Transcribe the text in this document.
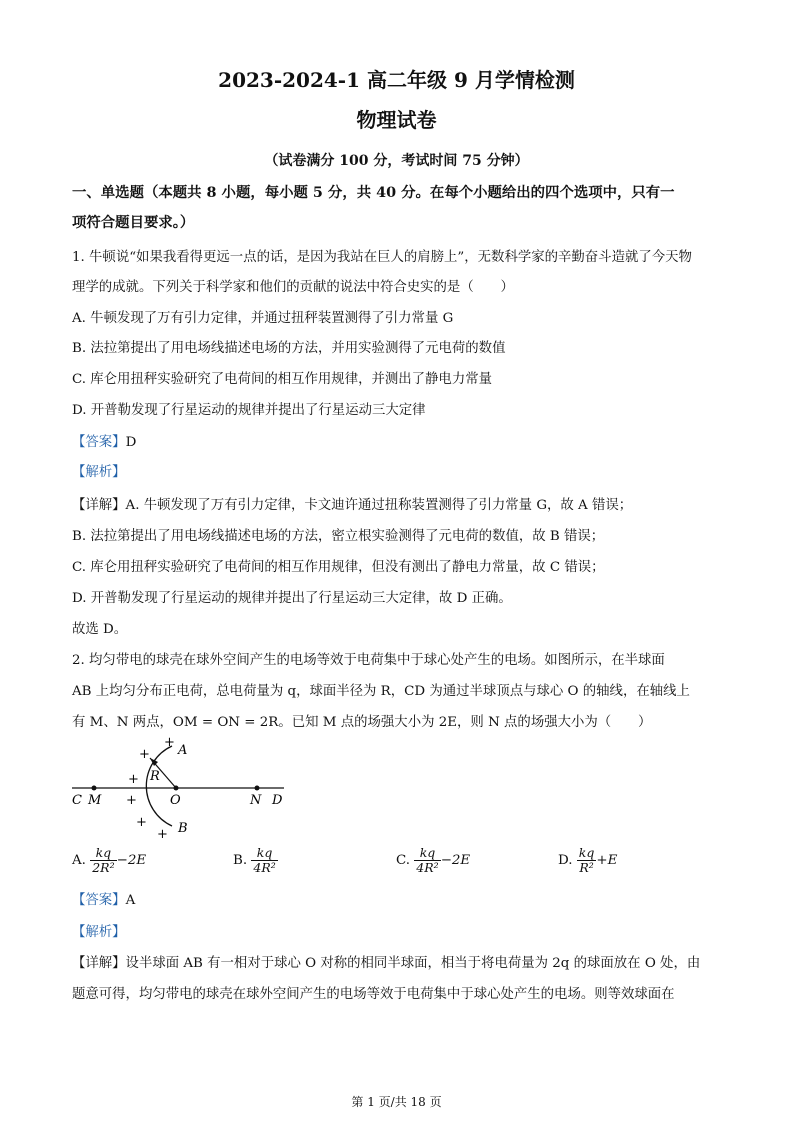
2023-2024-1 高二年级 9 月学情检测
物理试卷
（试卷满分 100 分，考试时间 75 分钟）
一、单选题（本题共 8 小题，每小题 5 分，共 40 分。在每个小题给出的四个选项中，只有一
项符合题目要求。）
1. 牛顿说“如果我看得更远一点的话，是因为我站在巨人的肩膀上”，无数科学家的辛勤奋斗造就了今天物
理学的成就。下列关于科学家和他们的贡献的说法中符合史实的是（　　）
A. 牛顿发现了万有引力定律，并通过扭秤装置测得了引力常量 G
B. 法拉第提出了用电场线描述电场的方法，并用实验测得了元电荷的数值
C. 库仑用扭秤实验研究了电荷间的相互作用规律，并测出了静电力常量
D. 开普勒发现了行星运动的规律并提出了行星运动三大定律
【答案】D
【解析】
【详解】A. 牛顿发现了万有引力定律，卡文迪许通过扭称装置测得了引力常量 G，故 A 错误；
B. 法拉第提出了用电场线描述电场的方法，密立根实验测得了元电荷的数值，故 B 错误；
C. 库仑用扭秤实验研究了电荷间的相互作用规律，但没有测出了静电力常量，故 C 错误；
D. 开普勒发现了行星运动的规律并提出了行星运动三大定律，故 D 正确。
故选 D。
2. 均匀带电的球壳在球外空间产生的电场等效于电荷集中于球心处产生的电场。如图所示，在半球面
AB 上均匀分布正电荷，总电荷量为 q，球面半径为 R，CD 为通过半球顶点与球心 O 的轴线，在轴线上
有 M、N 两点，OM = ON = 2R。已知 M 点的场强大小为 2E，则 N 点的场强大小为（　　）
+
+
+
+
+
+
A
B
R
O
C M	N D
A. $\frac{kq}{\text{2R²}} -2E$	B. $\frac{kq}{\text{4R²}}$	C. $\frac{kq}{\text{4R²}} -2E$	D. $\frac{kq}{\text{R²}} +E$
【答案】A
【解析】
【详解】设半球面 AB 有一相对于球心 O 对称的相同半球面，相当于将电荷量为 2q 的球面放在 O 处，由
题意可得，均匀带电的球壳在球外空间产生的电场等效于电荷集中于球心处产生的电场。则等效球面在
第 1 页/共 18 页
